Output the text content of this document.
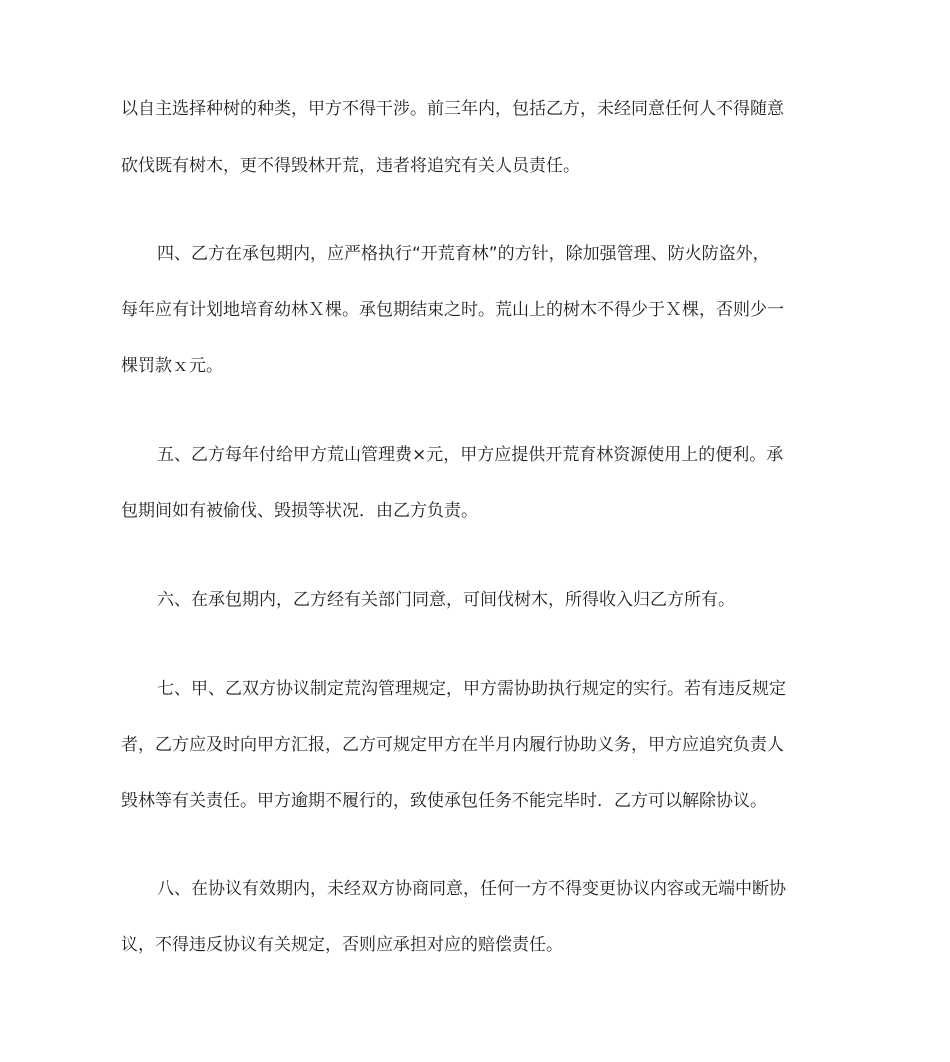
以自主选择种树的种类，甲方不得干涉。前三年内，包括乙方，未经同意任何人不得随意
砍伐既有树木，更不得毁林开荒，违者将追究有关人员责任。
四、乙方在承包期内，应严格执行“开荒育林”的方针，除加强管理、防火防盗外，
每年应有计划地培育幼林Ｘ棵。承包期结束之时。荒山上的树木不得少于Ｘ棵，否则少一
棵罚款ｘ元。
五、乙方每年付给甲方荒山管理费×元，甲方应提供开荒育林资源使用上的便利。承
包期间如有被偷伐、毁损等状况．由乙方负责。
六、在承包期内，乙方经有关部门同意，可间伐树木，所得收入归乙方所有。
七、甲、乙双方协议制定荒沟管理规定，甲方需协助执行规定的实行。若有违反规定
者，乙方应及时向甲方汇报，乙方可规定甲方在半月内履行协助义务，甲方应追究负责人
毁林等有关责任。甲方逾期不履行的，致使承包任务不能完毕时．乙方可以解除协议。
八、在协议有效期内，未经双方协商同意，任何一方不得变更协议内容或无端中断协
议，不得违反协议有关规定，否则应承担对应的赔偿责任。
